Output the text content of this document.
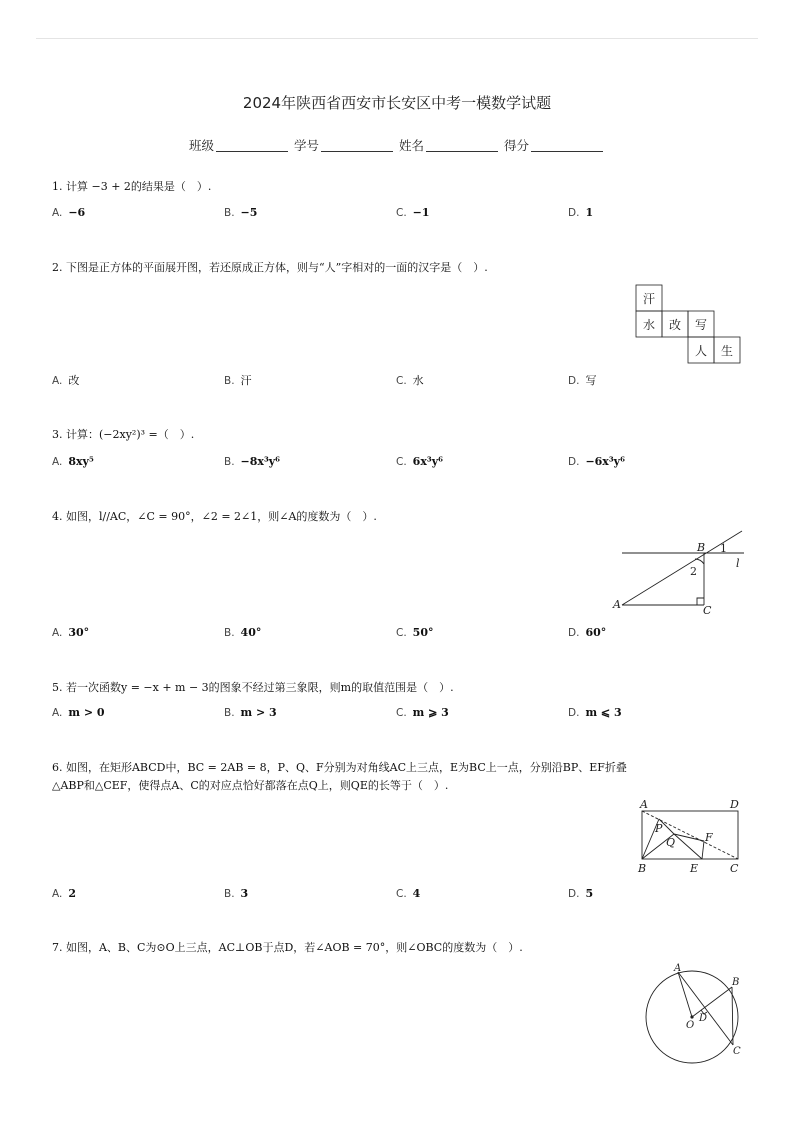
2024年陕西省西安市长安区中考一模数学试题
班级	学号	姓名	得分
1. 计算 −3 + 2的结果是（　）.
A. −6	B. −5	C. −1	D. 1
2. 下图是正方体的平面展开图，若还原成正方体，则与“人”字相对的一面的汉字是（　）.
汗
水 改 写
人 生
A. 改	B. 汗	C. 水	D. 写
3. 计算：(−2xy²)³ =（　）.
A. 8xy⁵	B. −8x³y⁶	C. 6x³y⁶	D. −6x³y⁶
4. 如图，l//AC，∠C = 90°，∠2 = 2∠1，则∠A的度数为（　）.
B 1
2
l
A	C
A. 30°	B. 40°	C. 50°	D. 60°
5. 若一次函数y = −x + m − 3的图象不经过第三象限，则m的取值范围是（　）.
A. m > 0	B. m > 3	C. m ⩾ 3	D. m ⩽ 3
6. 如图，在矩形ABCD中，BC = 2AB = 8，P、Q、F分别为对角线AC上三点，E为BC上一点，分别沿BP、EF折叠
△ABP和△CEF，使得点A、C的对应点恰好都落在点Q上，则QE的长等于（　）.
A	D
P
Q	F
B	E	C
A. 2	B. 3	C. 4	D. 5
7. 如图，A、B、C为⊙O上三点，AC⊥OB于点D，若∠AOB = 70°，则∠OBC的度数为（　）.
A
B
D
O
C
